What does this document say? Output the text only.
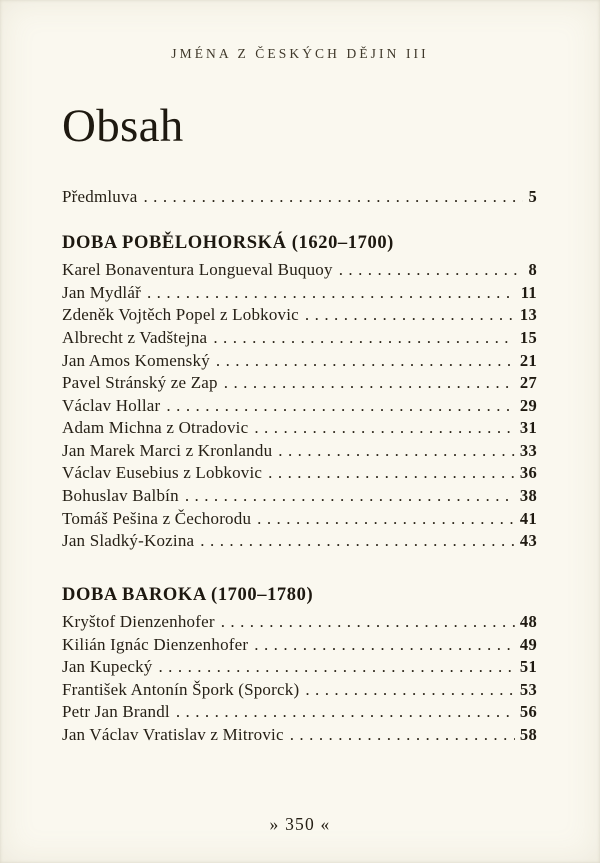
JMÉNA Z ČESKÝCH DĚJIN III
Obsah
Předmluva . . .	5
DOBA POBĚLOHORSKÁ (1620–1700)
Karel Bonaventura Longueval Buquoy . . .	8
Jan Mydlář . . .	11
Zdeněk Vojtěch Popel z Lobkovic . . .	13
Albrecht z Vadštejna . . .	15
Jan Amos Komenský . . .	21
Pavel Stránský ze Zap . . .	27
Václav Hollar . . .	29
Adam Michna z Otradovic . . .	31
Jan Marek Marci z Kronlandu . . .	33
Václav Eusebius z Lobkovic . . .	36
Bohuslav Balbín . . .	38
Tomáš Pešina z Čechorodu . . .	41
Jan Sladký-Kozina . . .	43
DOBA BAROKA (1700–1780)
Kryštof Dienzenhofer . . .	48
Kilián Ignác Dienzenhofer . . .	49
Jan Kupecký . . .	51
František Antonín Špork (Sporck) . . .	53
Petr Jan Brandl . . .	56
Jan Václav Vratislav z Mitrovic . . .	58
» 350 «
